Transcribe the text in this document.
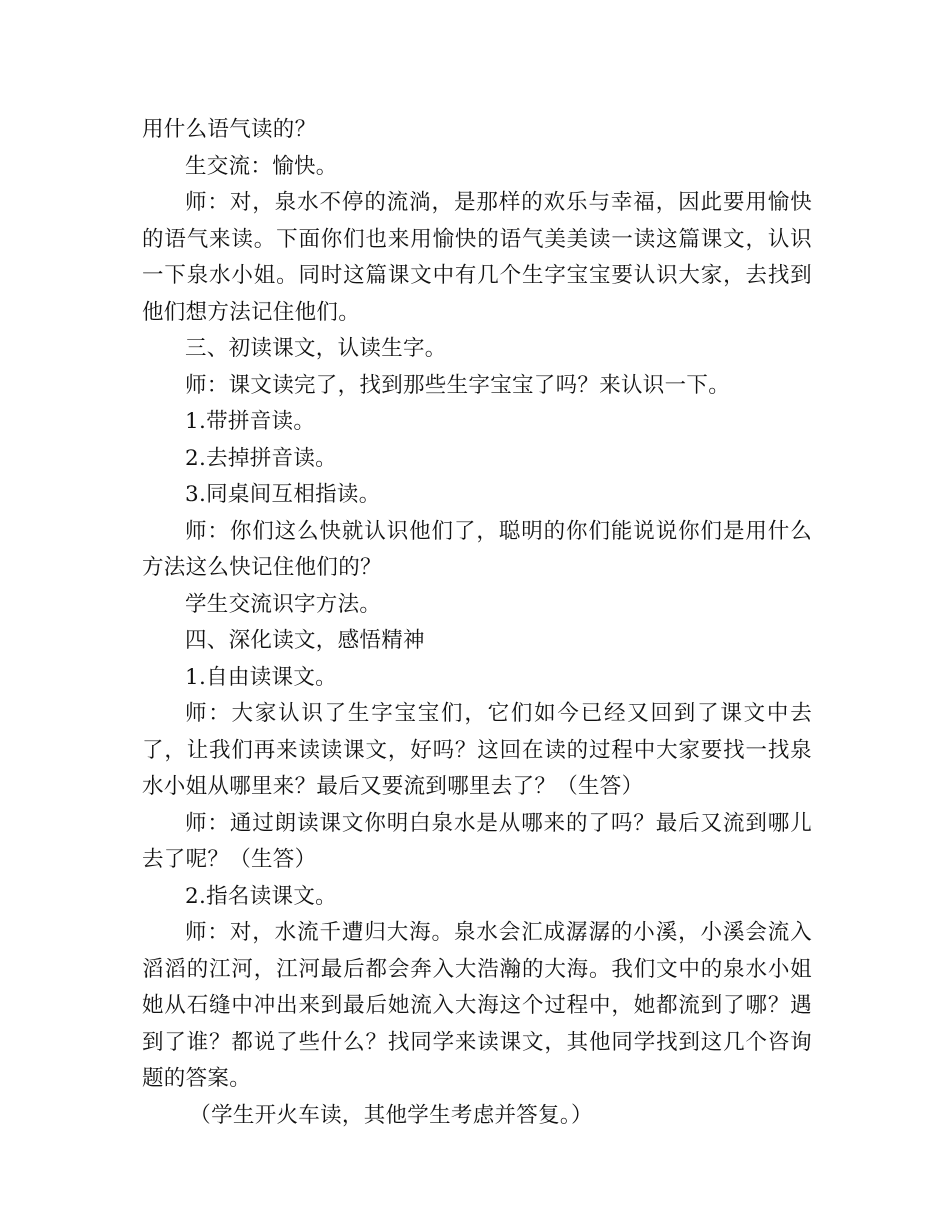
用什么语气读的？

生交流：愉快。

师：对，泉水不停的流淌，是那样的欢乐与幸福，因此要用愉快的语气来读。下面你们也来用愉快的语气美美读一读这篇课文，认识一下泉水小姐。同时这篇课文中有几个生字宝宝要认识大家，去找到他们想方法记住他们。

三、初读课文，认读生字。

师：课文读完了，找到那些生字宝宝了吗？来认识一下。

1.带拼音读。

2.去掉拼音读。

3.同桌间互相指读。

师：你们这么快就认识他们了，聪明的你们能说说你们是用什么方法这么快记住他们的？

学生交流识字方法。

四、深化读文，感悟精神

1.自由读课文。

师：大家认识了生字宝宝们，它们如今已经又回到了课文中去了，让我们再来读读课文，好吗？这回在读的过程中大家要找一找泉水小姐从哪里来？最后又要流到哪里去了？（生答）

师：通过朗读课文你明白泉水是从哪来的了吗？最后又流到哪儿去了呢？（生答）

2.指名读课文。

师：对，水流千遭归大海。泉水会汇成潺潺的小溪，小溪会流入滔滔的江河，江河最后都会奔入大浩瀚的大海。我们文中的泉水小姐她从石缝中冲出来到最后她流入大海这个过程中，她都流到了哪？遇到了谁？都说了些什么？找同学来读课文，其他同学找到这几个咨询题的答案。

（学生开火车读，其他学生考虑并答复。）
